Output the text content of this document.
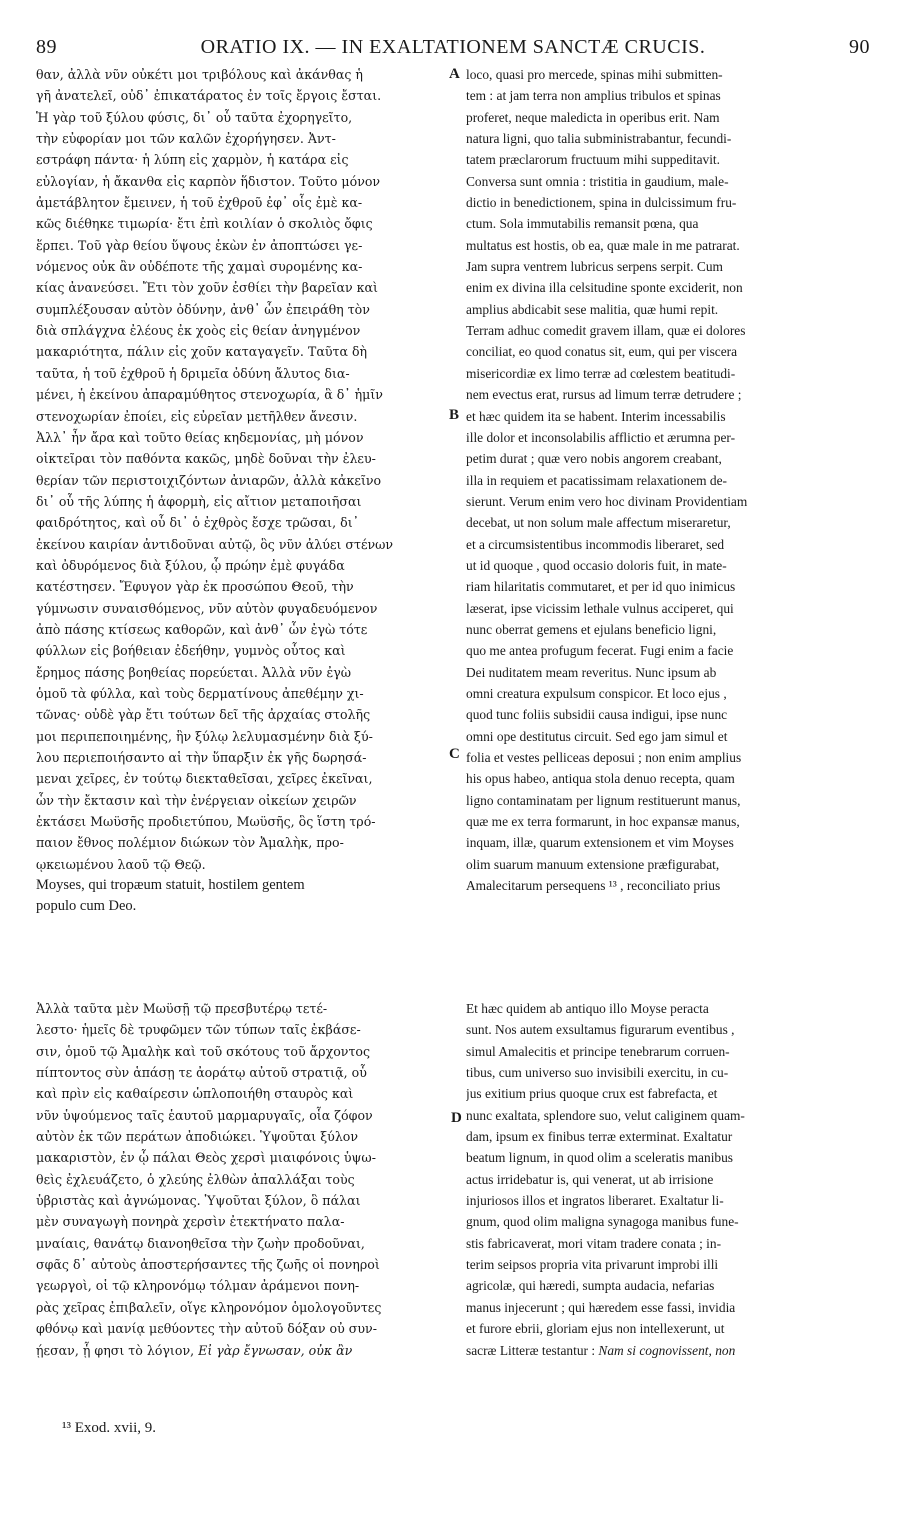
89	ORATIO IX. — IN EXALTATIONEM SANCTÆ CRUCIS.	90
θαν, ἀλλὰ νῦν οὐκέτι μοι τριβόλους καὶ ἀκάνθας ἡ
γῆ ἀνατελεῖ, οὐδ᾽ ἐπικατάρατος ἐν τοῖς ἔργοις ἔσται.
Ἡ γὰρ τοῦ ξύλου φύσις, δι᾽ οὗ ταῦτα ἐχορηγεῖτο,
τὴν εὐφορίαν μοι τῶν καλῶν ἐχορήγησεν. Ἀντ-
εστράφη πάντα· ἡ λύπη εἰς χαρμὸν, ἡ κατάρα εἰς
εὐλογίαν, ἡ ἄκανθα εἰς καρπὸν ἥδιστον. Τοῦτο μόνον
ἀμετάβλητον ἔμεινεν, ἡ τοῦ ἐχθροῦ ἐφ᾽ οἷς ἐμὲ κα-
κῶς διέθηκε τιμωρία· ἔτι ἐπὶ κοιλίαν ὁ σκολιὸς ὄφις
ἕρπει. Τοῦ γὰρ θείου ὕψους ἑκὼν ἐν ἀποπτώσει γε-
νόμενος οὐκ ἂν οὐδέποτε τῆς χαμαὶ συρομένης κα-
κίας ἀνανεύσει. Ἔτι τὸν χοῦν ἐσθίει τὴν βαρεῖαν καὶ
συμπλέξουσαν αὐτὸν ὀδύνην, ἀνθ᾽ ὧν ἐπειράθη τὸν
διὰ σπλάγχνα ἐλέους ἐκ χοὸς εἰς θείαν ἀνηγμένον
μακαριότητα, πάλιν εἰς χοῦν καταγαγεῖν. Ταῦτα δὴ
ταῦτα, ἡ τοῦ ἐχθροῦ ἡ δριμεῖα ὀδύνη ἄλυτος δια-
μένει, ἡ ἐκείνου ἀπαραμύθητος στενοχωρία, ἃ δ᾽ ἡμῖν
στενοχωρίαν ἐποίει, εἰς εὐρεῖαν μετῆλθεν ἄνεσιν.
Ἀλλ᾽ ἦν ἄρα καὶ τοῦτο θείας κηδεμονίας, μὴ μόνον
οἰκτεῖραι τὸν παθόντα κακῶς, μηδὲ δοῦναι τὴν ἐλευ-
θερίαν τῶν περιστοιχιζόντων ἀνιαρῶν, ἀλλὰ κἀκεῖνο
δι᾽ οὗ τῆς λύπης ἡ ἀφορμὴ, εἰς αἴτιον μεταποιῆσαι
φαιδρότητος, καὶ οὗ δι᾽ ὁ ἐχθρὸς ἔσχε τρῶσαι, δι᾽
ἐκείνου καιρίαν ἀντιδοῦναι αὐτῷ, ὃς νῦν ἀλύει στένων
καὶ ὀδυρόμενος διὰ ξύλου, ᾧ πρώην ἐμὲ φυγάδα
κατέστησεν. Ἔφυγον γὰρ ἐκ προσώπου Θεοῦ, τὴν
γύμνωσιν συναισθόμενος, νῦν αὐτὸν φυγαδευόμενον
ἀπὸ πάσης κτίσεως καθορῶν, καὶ ἀνθ᾽ ὧν ἐγὼ τότε
φύλλων εἰς βοήθειαν ἐδεήθην, γυμνὸς οὗτος καὶ
ἔρημος πάσης βοηθείας πορεύεται. Ἀλλὰ νῦν ἐγὼ
ὁμοῦ τὰ φύλλα, καὶ τοὺς δερματίνους ἀπεθέμην χι-
τῶνας· οὐδὲ γὰρ ἔτι τούτων δεῖ τῆς ἀρχαίας στολῆς
μοι περιπεποιημένης, ἣν ξύλῳ λελυμασμένην διὰ ξύ-
λου περιεποιήσαντο αἱ τὴν ὕπαρξιν ἐκ γῆς δωρησά-
μεναι χεῖρες, ἐν τούτῳ διεκταθεῖσαι, χεῖρες ἐκεῖναι,
ὧν τὴν ἔκτασιν καὶ τὴν ἐνέργειαν οἰκείων χειρῶν
ἐκτάσει Μωϋσῆς προδιετύπου, Μωϋσῆς, ὃς ἵστη τρό-
παιον ἔθνος πολέμιον διώκων τὸν Ἀμαλὴκ, προ-
ῳκειωμένου λαοῦ τῷ Θεῷ.
Moyses, qui tropæum statuit, hostilem gentem
populo cum Deo.
loco, quasi pro mercede, spinas mihi submitten-
tem : at jam terra non amplius tribulos et spinas
proferet, neque maledicta in operibus erit. Nam
natura ligni, quo talia subministrabantur, fecundi-
tatem præclarorum fructuum mihi suppeditavit.
Conversa sunt omnia : tristitia in gaudium, male-
dictio in benedictionem, spina in dulcissimum fru-
ctum. Sola immutabilis remansit pœna, qua
multatus est hostis, ob ea, quæ male in me patrarat.
Jam supra ventrem lubricus serpens serpit. Cum
enim ex divina illa celsitudine sponte exciderit, non
amplius abdicabit sese malitia, quæ humi repit.
Terram adhuc comedit gravem illam, quæ ei dolores
conciliat, eo quod conatus sit, eum, qui per viscera
misericordiæ ex limo terræ ad cœlestem beatitudi-
nem evectus erat, rursus ad limum terræ detrudere ;
et hæc quidem ita se habent. Interim incessabilis
ille dolor et inconsolabilis afflictio et ærumna per-
petim durat ; quæ vero nobis angorem creabant,
illa in requiem et pacatissimam relaxationem de-
sierunt. Verum enim vero hoc divinam Providentiam
decebat, ut non solum male affectum miseraretur,
et a circumsistentibus incommodis liberaret, sed
ut id quoque , quod occasio doloris fuit, in mate-
riam hilaritatis commutaret, et per id quo inimicus
læserat, ipse vicissim lethale vulnus acciperet, qui
nunc oberrat gemens et ejulans beneficio ligni,
quo me antea profugum fecerat. Fugi enim a facie
Dei nuditatem meam reveritus. Nunc ipsum ab
omni creatura expulsum conspicor. Et loco ejus ,
quod tunc foliis subsidii causa indigui, ipse nunc
omni ope destitutus circuit. Sed ego jam simul et
folia et vestes pelliceas deposui ; non enim amplius
his opus habeo, antiqua stola denuo recepta, quam
ligno contaminatam per lignum restituerunt manus,
quæ me ex terra formarunt, in hoc expansæ manus,
inquam, illæ, quarum extensionem et vim Moyses
olim suarum manuum extensione præfigurabat,
Amalecitarum persequens ¹³ , reconciliato prius
Ἀλλὰ ταῦτα μὲν Μωϋσῇ τῷ πρεσβυτέρῳ τετέ-
λεστο· ἡμεῖς δὲ τρυφῶμεν τῶν τύπων ταῖς ἐκβάσε-
σιν, ὁμοῦ τῷ Ἀμαλὴκ καὶ τοῦ σκότους τοῦ ἄρχοντος
πίπτοντος σὺν ἁπάσῃ τε ἀοράτῳ αὐτοῦ στρατιᾷ, οὗ
καὶ πρὶν εἰς καθαίρεσιν ὡπλοποιήθη σταυρὸς καὶ
νῦν ὑψούμενος ταῖς ἑαυτοῦ μαρμαρυγαῖς, οἷα ζόφον
αὐτὸν ἐκ τῶν περάτων ἀποδιώκει. Ὑψοῦται ξύλον
μακαριστὸν, ἐν ᾧ πάλαι Θεὸς χερσὶ μιαιφόνοις ὑψω-
θεὶς ἐχλευάζετο, ὁ χλεύης ἐλθὼν ἀπαλλάξαι τοὺς
ὑβριστὰς καὶ ἀγνώμονας. Ὑψοῦται ξύλον, ὃ πάλαι
μὲν συναγωγὴ πονηρὰ χερσὶν ἐτεκτήνατο παλα-
μναίαις, θανάτῳ διανοηθεῖσα τὴν ζωὴν προδοῦναι,
σφᾶς δ᾽ αὐτοὺς ἀποστερήσαντες τῆς ζωῆς οἱ πονηροὶ
γεωργοὶ, οἱ τῷ κληρονόμῳ τόλμαν ἀράμενοι πονη-
ρὰς χεῖρας ἐπιβαλεῖν, οἵγε κληρονόμον ὁμολογοῦντες
φθόνῳ καὶ μανίᾳ μεθύοντες τὴν αὐτοῦ δόξαν οὐ συν-
ῄεσαν, ᾗ φησι τὸ λόγιον, Εἰ γὰρ ἔγνωσαν, οὐκ ἂν
Et hæc quidem ab antiquo illo Moyse peracta
sunt. Nos autem exsultamus figurarum eventibus ,
simul Amalecitis et principe tenebrarum corruen-
tibus, cum universo suo invisibili exercitu, in cu-
jus exitium prius quoque crux est fabrefacta, et
nunc exaltata, splendore suo, velut caliginem quam-
dam, ipsum ex finibus terræ exterminat. Exaltatur
beatum lignum, in quod olim a sceleratis manibus
actus irridebatur is, qui venerat, ut ab irrisione
injuriosos illos et ingratos liberaret. Exaltatur li-
gnum, quod olim maligna synagoga manibus fune-
stis fabricaverat, mori vitam tradere conata ; in-
terim seipsos propria vita privarunt improbi illi
agricolæ, qui hæredi, sumpta audacia, nefarias
manus injecerunt ; qui hæredem esse fassi, invidia
et furore ebrii, gloriam ejus non intellexerunt, ut
sacræ Litteræ testantur : Nam si cognovissent, non
A
B
C
D
¹³ Exod. xvii, 9.
